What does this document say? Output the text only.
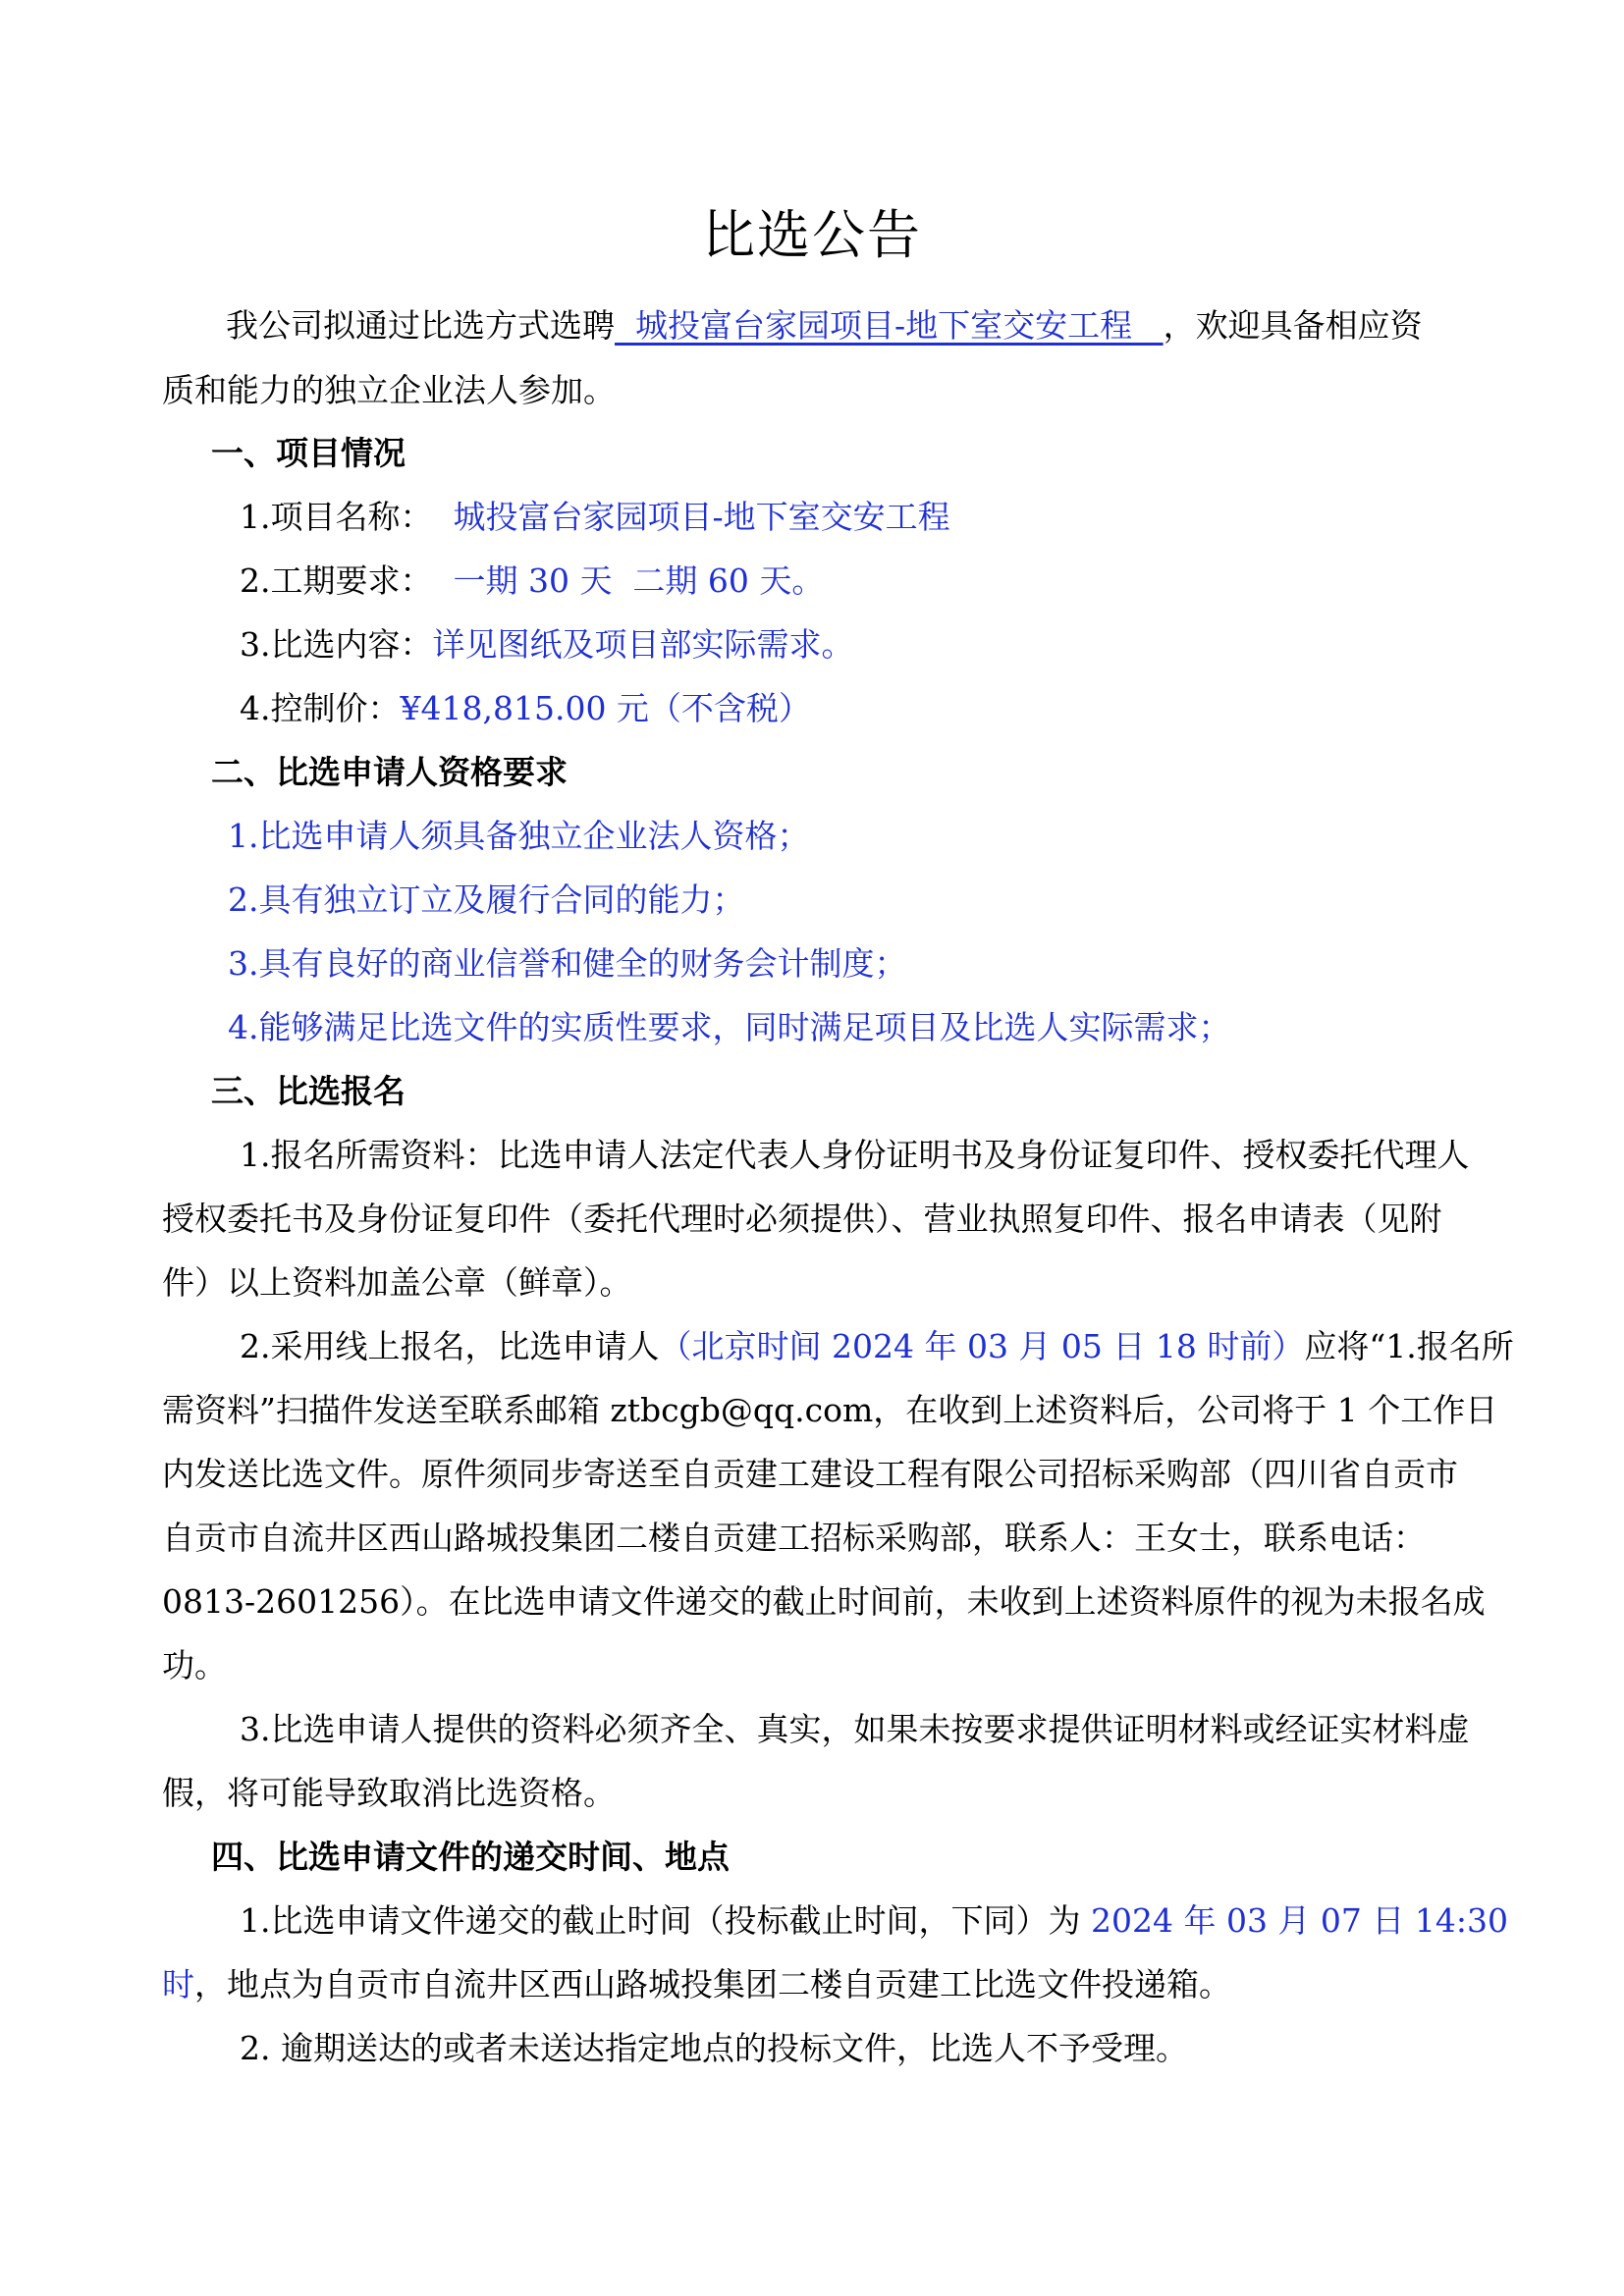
比选公告
我公司拟通过比选方式选聘  城投富台家园项目-地下室交安工程   ，欢迎具备相应资
质和能力的独立企业法人参加。
一、项目情况
1.项目名称：  城投富台家园项目-地下室交安工程
2.工期要求：  一期 30 天  二期 60 天。
3.比选内容：详见图纸及项目部实际需求。
4.控制价：¥418,815.00 元（不含税）
二、比选申请人资格要求
1.比选申请人须具备独立企业法人资格；
2.具有独立订立及履行合同的能力；
3.具有良好的商业信誉和健全的财务会计制度；
4.能够满足比选文件的实质性要求，同时满足项目及比选人实际需求；
三、比选报名
1.报名所需资料：比选申请人法定代表人身份证明书及身份证复印件、授权委托代理人
授权委托书及身份证复印件（委托代理时必须提供）、营业执照复印件、报名申请表（见附
件）以上资料加盖公章（鲜章）。
2.采用线上报名，比选申请人（北京时间 2024 年 03 月 05 日 18 时前）应将“1.报名所
需资料”扫描件发送至联系邮箱 ztbcgb@qq.com，在收到上述资料后，公司将于 1 个工作日
内发送比选文件。原件须同步寄送至自贡建工建设工程有限公司招标采购部（四川省自贡市
自贡市自流井区西山路城投集团二楼自贡建工招标采购部，联系人：王女士，联系电话：
0813-2601256）。在比选申请文件递交的截止时间前，未收到上述资料原件的视为未报名成
功。
3.比选申请人提供的资料必须齐全、真实，如果未按要求提供证明材料或经证实材料虚
假，将可能导致取消比选资格。
四、比选申请文件的递交时间、地点
1.比选申请文件递交的截止时间（投标截止时间，下同）为 2024 年 03 月 07 日 14:30
时，地点为自贡市自流井区西山路城投集团二楼自贡建工比选文件投递箱。
2. 逾期送达的或者未送达指定地点的投标文件，比选人不予受理。
